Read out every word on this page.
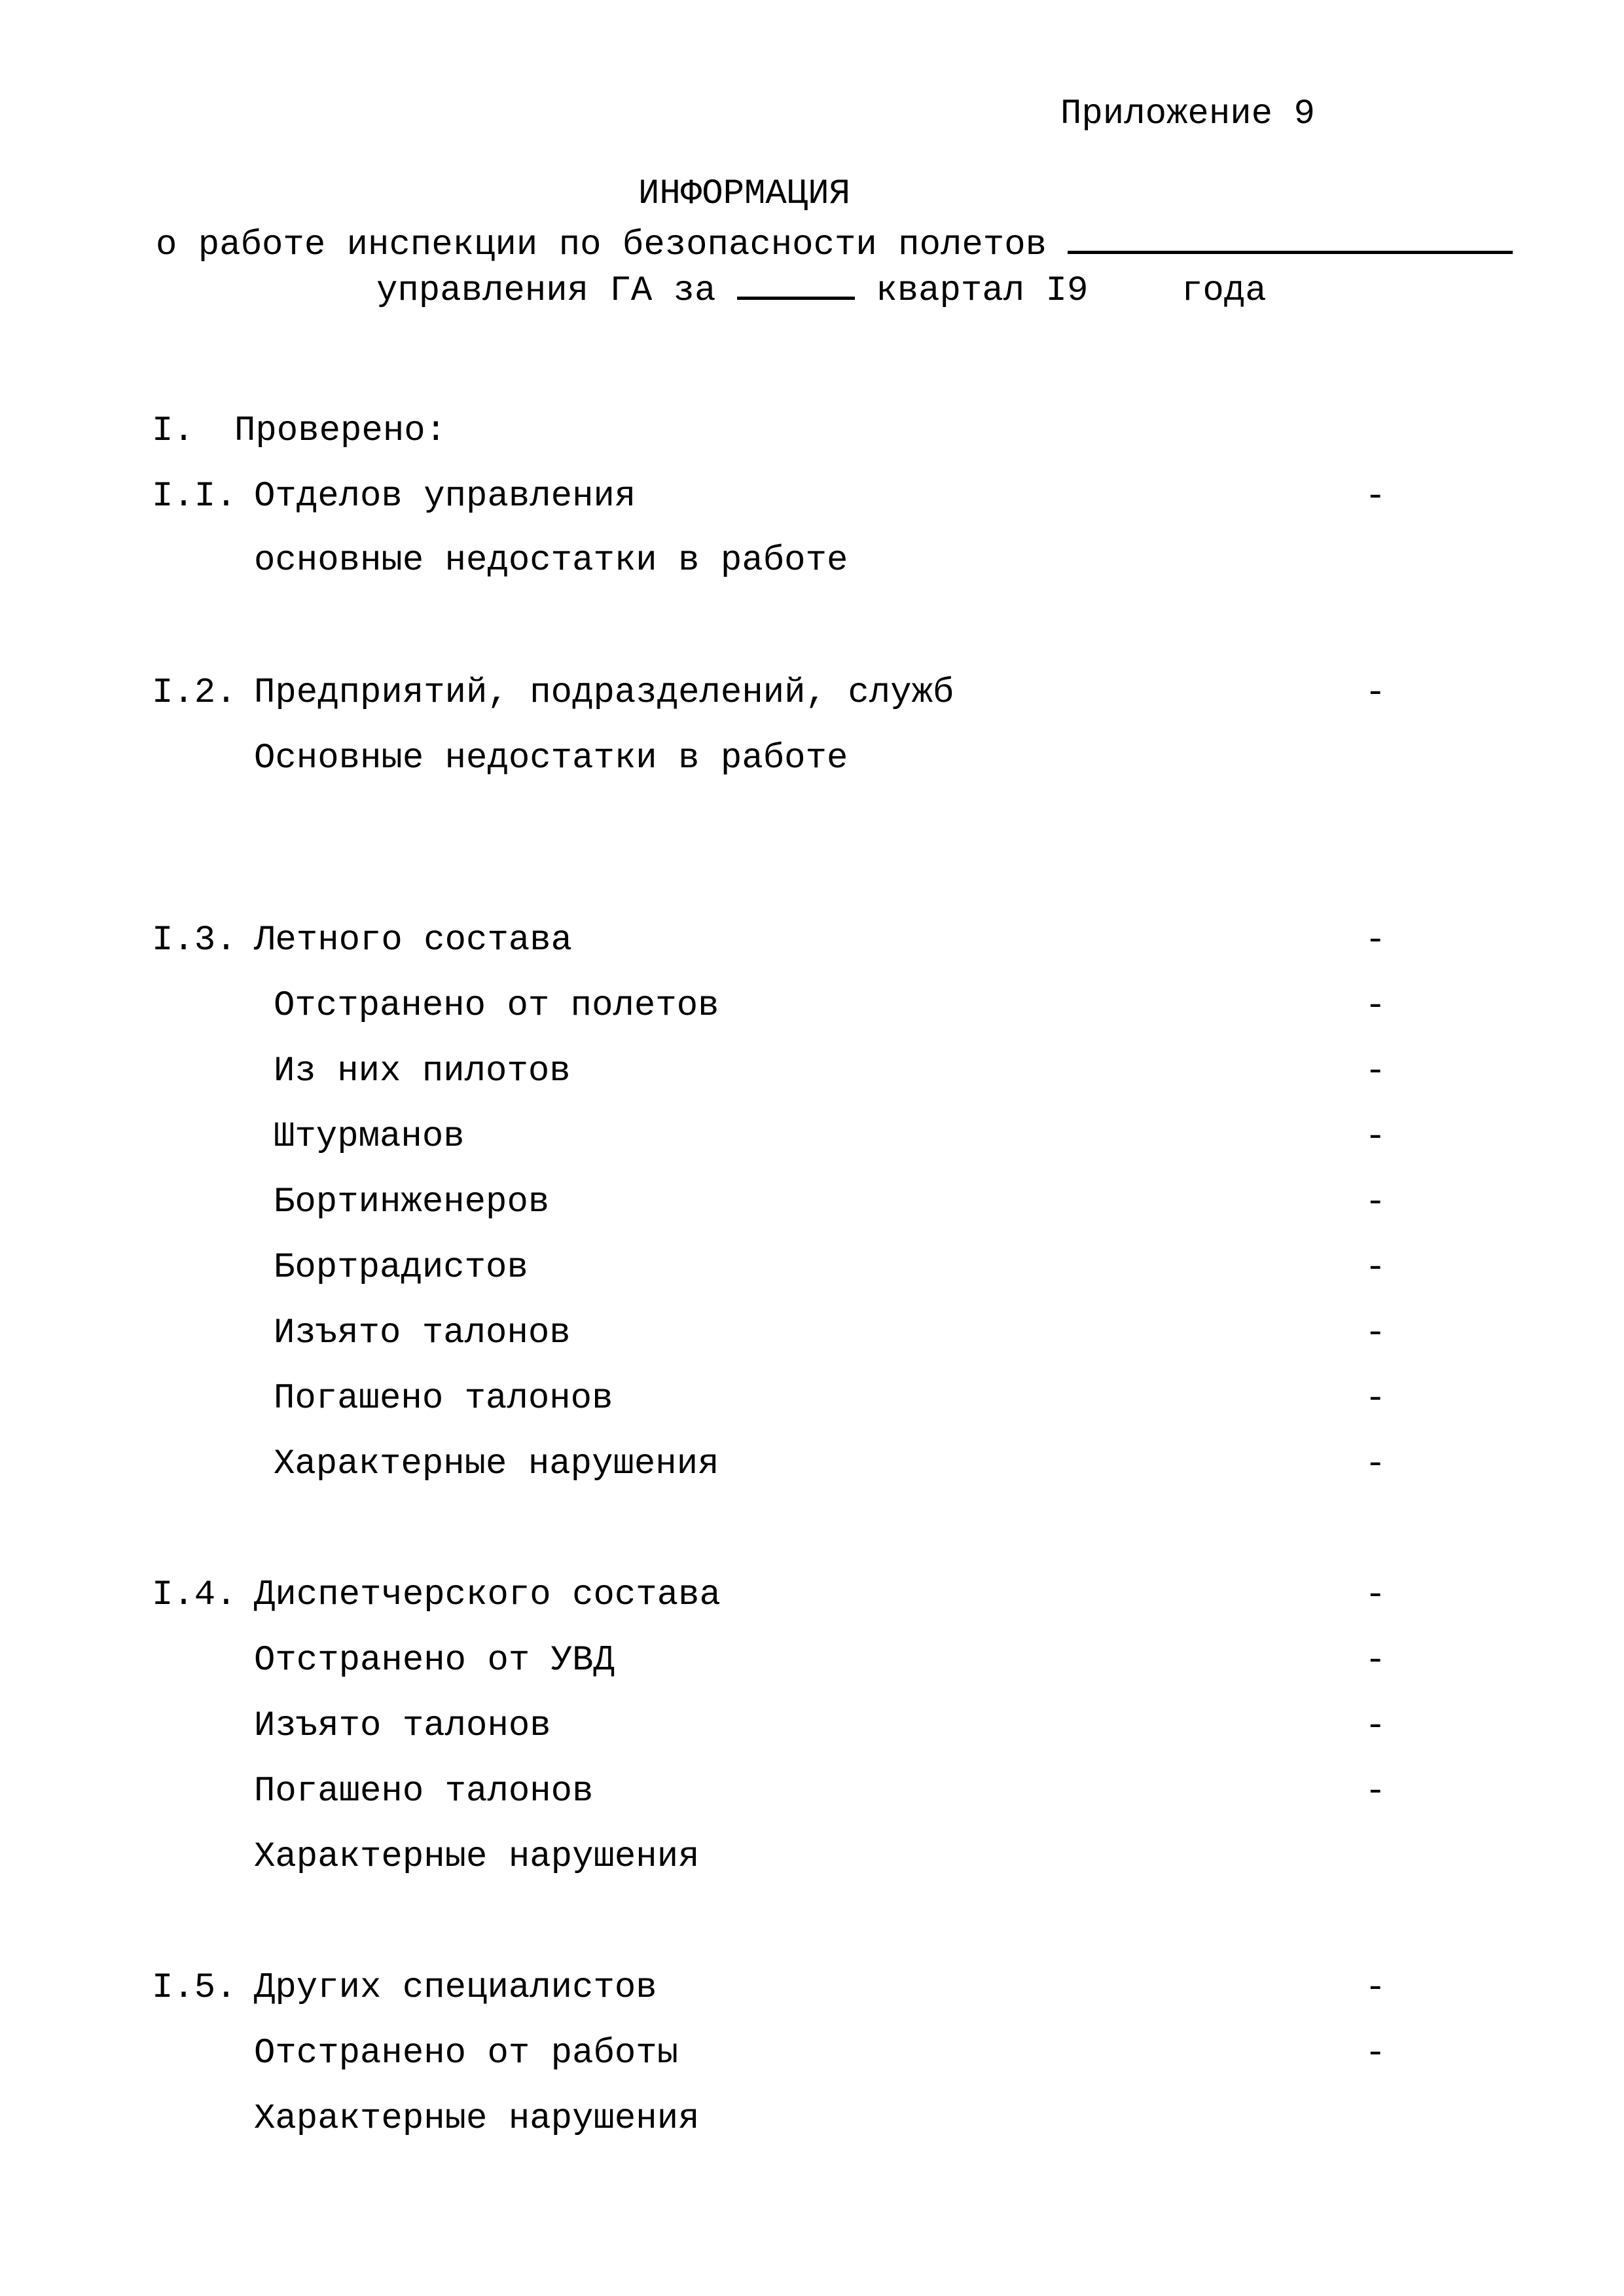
Приложение 9
ИНФОРМАЦИЯ
о работе инспекции по безопасности полетов
управления ГА за	квартал I9	года
I. Проверено:
I.I. Отделов управления	-
основные недостатки в работе
I.2. Предприятий, подразделений, служб	-
Основные недостатки в работе
I.3. Летного состава	-
Отстранено от полетов	-
Из них пилотов	-
Штурманов	-
Бортинженеров	-
Бортрадистов	-
Изъято талонов	-
Погашено талонов	-
Характерные нарушения	-
I.4. Диспетчерского состава	-
Отстранено от УВД	-
Изъято талонов	-
Погашено талонов	-
Характерные нарушения
I.5. Других специалистов	-
Отстранено от работы	-
Характерные нарушения
